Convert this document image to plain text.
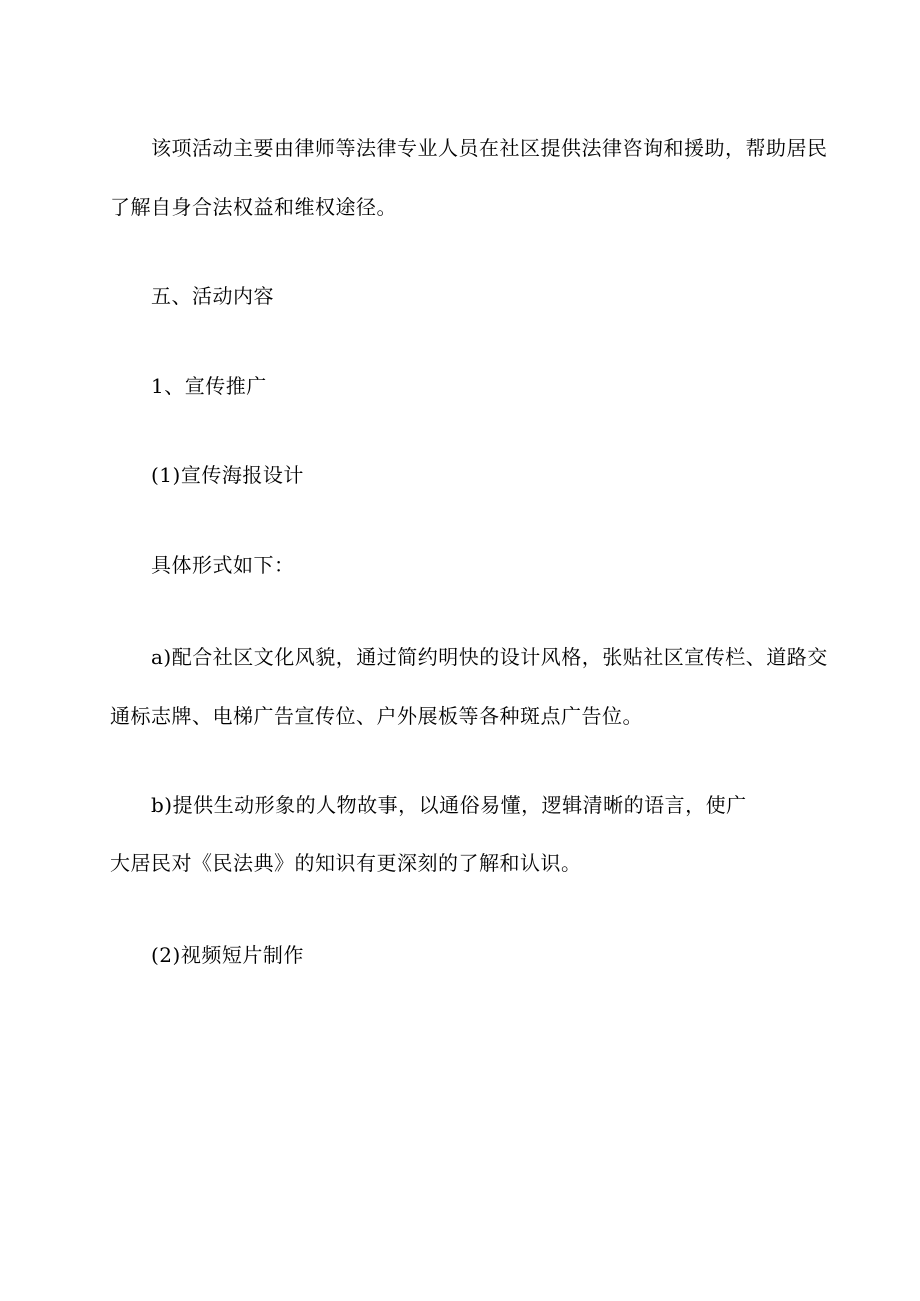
该项活动主要由律师等法律专业人员在社区提供法律咨询和援助，帮助居民
了解自身合法权益和维权途径。
五、活动内容
1、宣传推广
(1)宣传海报设计
具体形式如下：
a)配合社区文化风貌，通过简约明快的设计风格，张贴社区宣传栏、道路交
通标志牌、电梯广告宣传位、户外展板等各种斑点广告位。
b)提供生动形象的人物故事，以通俗易懂，逻辑清晰的语言，使广
大居民对《民法典》的知识有更深刻的了解和认识。
(2)视频短片制作
